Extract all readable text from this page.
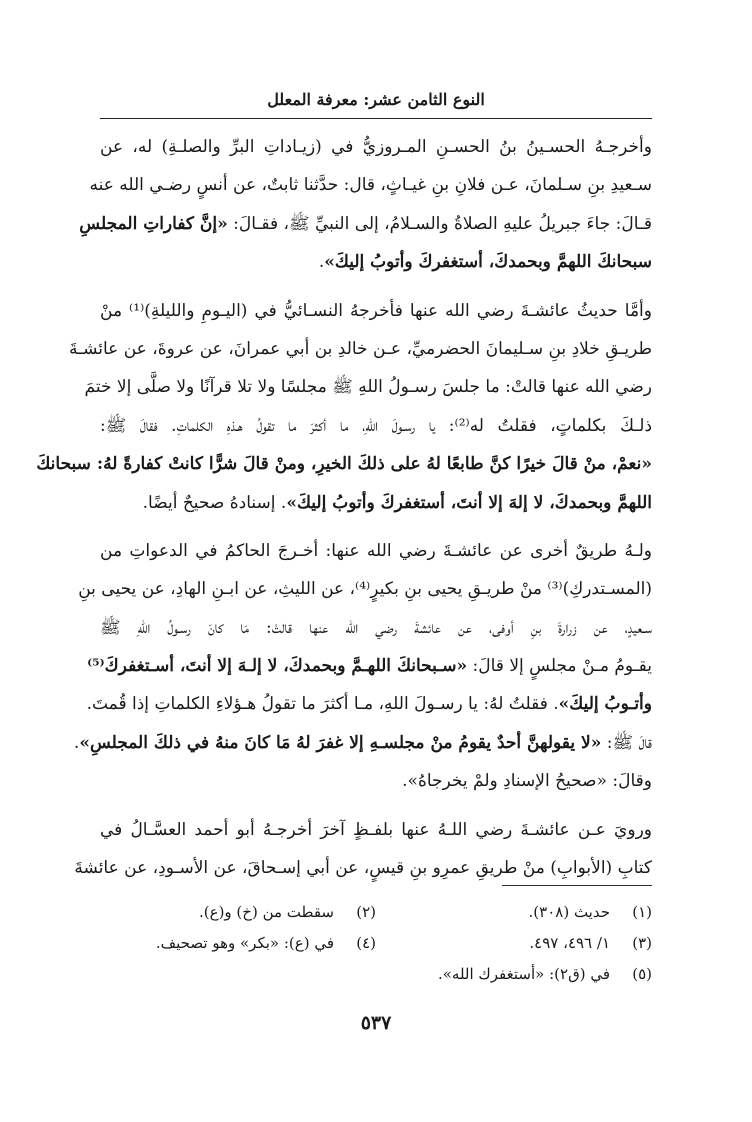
النوع الثامن عشر: معرفة المعلل
وأخرجـهُ الحسـينُ بنُ الحسـنِ المـروزيُّ في (زيـاداتِ البرِّ والصلـةِ) له، عن
سـعيدِ بنِ سـلمانَ، عـن فلانِ بنِ غيـاثٍ، قال: حدَّثنا ثابتٌ، عن أنسٍ رضـي الله عنه
قـالَ: جاءَ جبريلُ عليهِ الصلاةُ والسـلامُ، إلى النبيِّ ﷺ، فقـالَ: «إنَّ كفاراتِ المجلسِ
سبحانكَ اللهمَّ وبحمدكَ، أستغفركَ وأتوبُ إليكَ».
وأمَّا حديثُ عائشـةَ رضي الله عنها فأخرجهُ النسـائيُّ في (اليـومِ والليلةِ)⁽¹⁾ منْ
طريـقِ خلادِ بنِ سـليمانَ الحضرميِّ، عـن خالدِ بن أبي عمرانَ، عن عروةَ، عن عائشـةَ
رضي الله عنها قالتْ: ما جلسَ رسـولُ اللهِ ﷺ مجلسًا ولا تلا قرآنًا ولا صلَّى إلا ختمَ
ذلـكَ بكلماتٍ، فقلتُ له⁽²⁾: يا رسـولَ اللهِ، ما أكثرَ ما تقولُ هـذهِ الكلماتِ. فقالَ ﷺ:
«نعمْ، منْ قالَ خيرًا كنَّ طابعًا لهُ على ذلكَ الخيرِ، ومنْ قالَ شرًّا كانتْ كفارةً لهُ: سبحانكَ
اللهمَّ وبحمدكَ، لا إلهَ إلا أنتَ، أستغفركَ وأتوبُ إليكَ». إسنادهُ صحيحٌ أيضًا.
ولـهُ طريقٌ أخرى عن عائشـةَ رضي الله عنها: أخـرجَ الحاكمُ في الدعواتِ من
(المسـتدركِ)⁽³⁾ منْ طريـقِ يحيى بنِ بكيرٍ⁽⁴⁾، عن الليثِ، عن ابـنِ الهادِ، عن يحيى بنِ
سـعيدٍ، عن زرارةَ بنِ أوفى، عن عائشةَ رضي الله عنها قالتْ: مَا كانَ رسـولُ اللهِ ﷺ
يقـومُ مـنْ مجلسٍ إلا قالَ: «سـبحانكَ اللهـمَّ وبحمدكَ، لا إلـهَ إلا أنتَ، أسـتغفركَ⁽⁵⁾
وأتـوبُ إليكَ». فقلتُ لهُ: يا رسـولَ اللهِ، مـا أكثرَ ما تقولُ هـؤلاءِ الكلماتِ إذا قُمتَ.
قالَ ﷺ: «لا يقولهنَّ أحدٌ يقومُ منْ مجلسـهِ إلا غفرَ لهُ مَا كانَ منهُ في ذلكَ المجلسِ».
وقالَ: «صحيحُ الإسنادِ ولمْ يخرجاهُ».
ورويَ عـن عائشـةَ رضي اللـهُ عنها بلفـظٍ آخرَ أخرجـهُ أبو أحمد العسَّـالُ في
كتابِ (الأبوابِ) منْ طريقِ عمرِو بنِ قيسٍ، عن أبي إسـحاقَ، عن الأسـودِ، عن عائشةَ
(١)حديث (٣٠٨).
(٢)سقطت من (خ) و(ع).
(٣)١/ ٤٩٦، ٤٩٧.
(٤)في (ع): «بكر» وهو تصحيف.
(٥)في (ق٢): «أستغفرك الله».
٥٣٧
